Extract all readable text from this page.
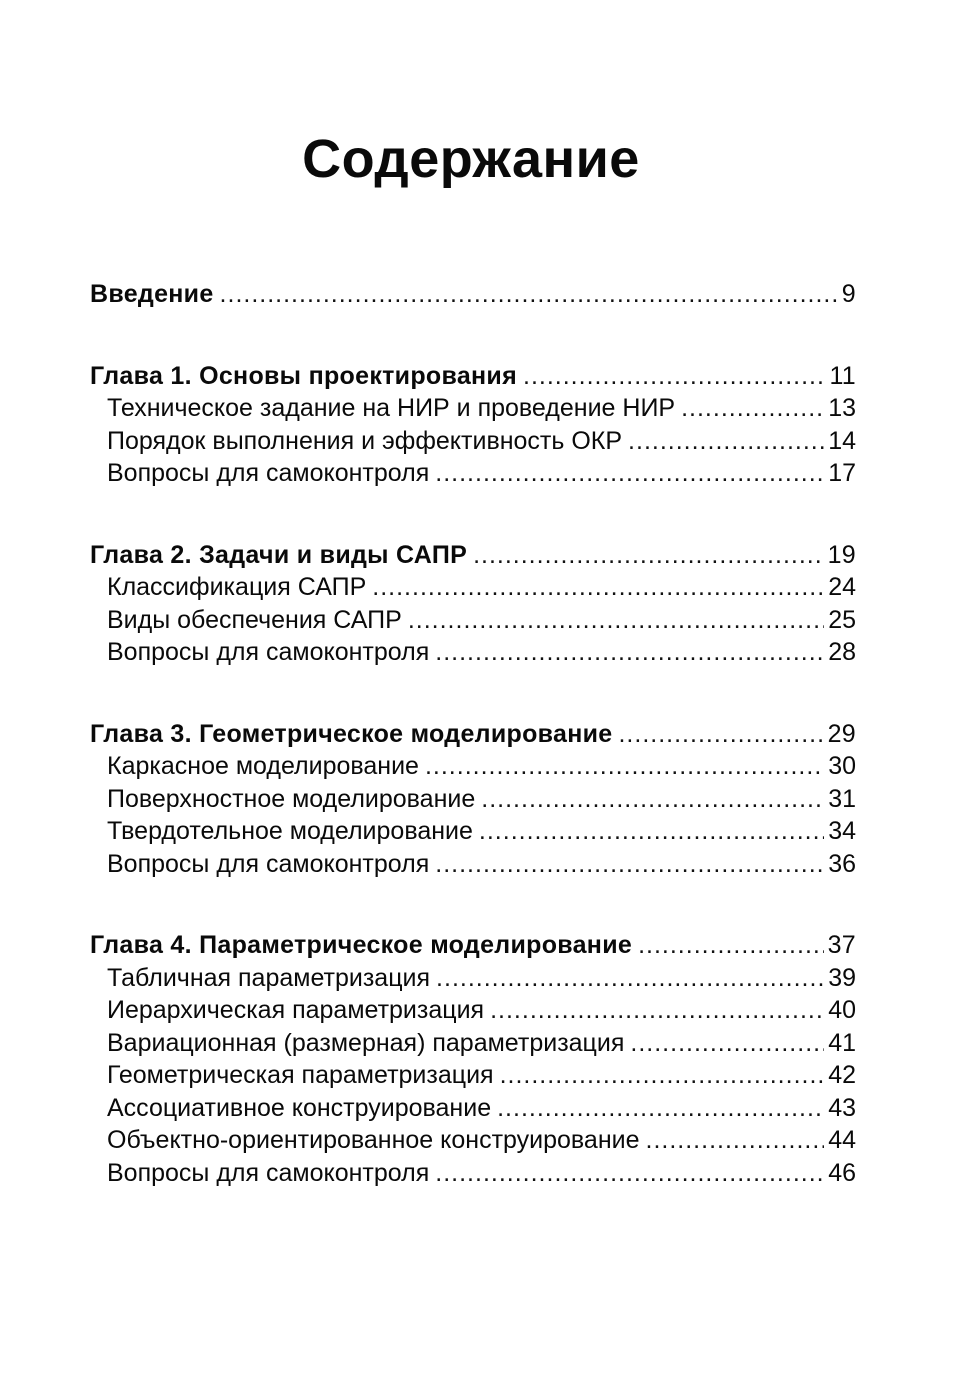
Содержание
Введение .....	9
Глава 1. Основы проектирования .....	11
Техническое задание на НИР и проведение НИР .....	13
Порядок выполнения и эффективность ОКР .....	14
Вопросы для самоконтроля .....	17
Глава 2. Задачи и виды САПР .....	19
Классификация САПР .....	24
Виды обеспечения САПР .....	25
Вопросы для самоконтроля .....	28
Глава 3. Геометрическое моделирование .....	29
Каркасное моделирование .....	30
Поверхностное моделирование .....	31
Твердотельное моделирование .....	34
Вопросы для самоконтроля .....	36
Глава 4. Параметрическое моделирование .....	37
Табличная параметризация .....	39
Иерархическая параметризация .....	40
Вариационная (размерная) параметризация .....	41
Геометрическая параметризация .....	42
Ассоциативное конструирование .....	43
Объектно-ориентированное конструирование .....	44
Вопросы для самоконтроля .....	46
